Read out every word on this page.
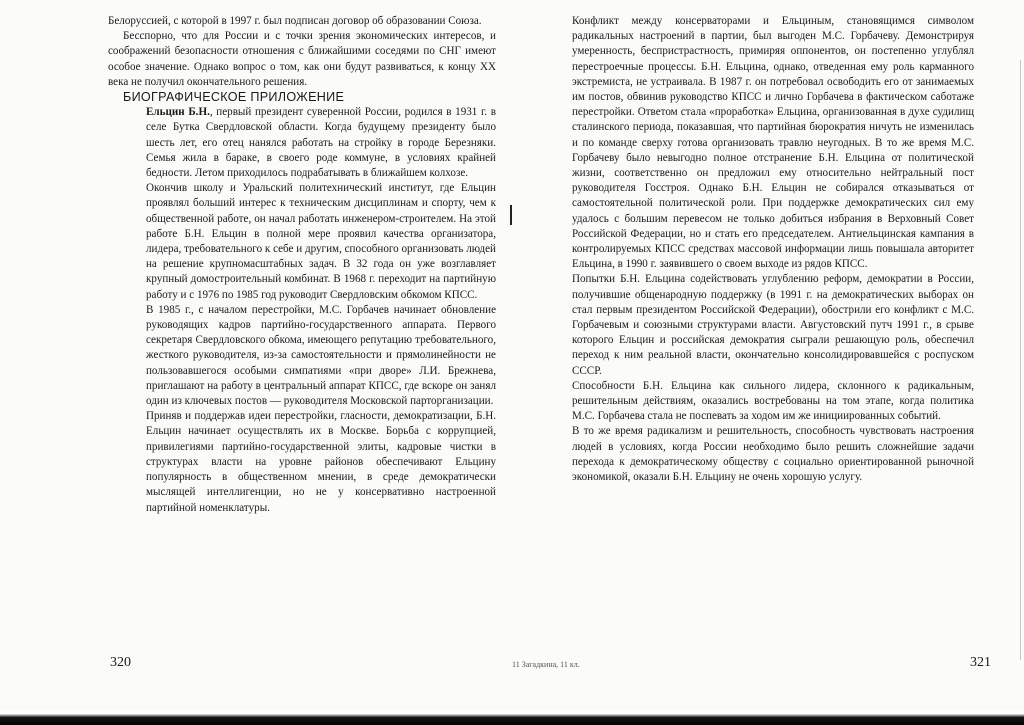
Белоруссией, с которой в 1997 г. был подписан договор об образовании Союза.

Бесспорно, что для России и с точки зрения экономических интересов, и соображений безопасности отношения с ближайшими соседями по СНГ имеют особое значение. Однако вопрос о том, как они будут развиваться, к концу XX века не получил окончательного решения.

БИОГРАФИЧЕСКОЕ ПРИЛОЖЕНИЕ

Ельцин Б.Н., первый президент суверенной России, родился в 1931 г. в селе Бутка Свердловской области. Когда будущему президенту было шесть лет, его отец нанялся работать на стройку в городе Березняки. Семья жила в бараке, в своего роде коммуне, в условиях крайней бедности. Летом приходилось подрабатывать в ближайшем колхозе.

Окончив школу и Уральский политехнический институт, где Ельцин проявлял больший интерес к техническим дисциплинам и спорту, чем к общественной работе, он начал работать инженером-строителем. На этой работе Б.Н. Ельцин в полной мере проявил качества организатора, лидера, требовательного к себе и другим, способного организовать людей на решение крупномасштабных задач. В 32 года он уже возглавляет крупный домостроительный комбинат. В 1968 г. переходит на партийную работу и с 1976 по 1985 год руководит Свердловским обкомом КПСС.

В 1985 г., с началом перестройки, М.С. Горбачев начинает обновление руководящих кадров партийно-государственного аппарата. Первого секретаря Свердловского обкома, имеющего репутацию требовательного, жесткого руководителя, из-за самостоятельности и прямолинейности не пользовавшегося особыми симпатиями «при дворе» Л.И. Брежнева, приглашают на работу в центральный аппарат КПСС, где вскоре он занял один из ключевых постов — руководителя Московской парторганизации.

Приняв и поддержав идеи перестройки, гласности, демократизации, Б.Н. Ельцин начинает осуществлять их в Москве. Борьба с коррупцией, привилегиями партийно-государственной элиты, кадровые чистки в структурах власти на уровне районов обеспечивают Ельцину популярность в общественном мнении, в среде демократически мыслящей интеллигенции, но не у консервативно настроенной партийной номенклатуры.

320

Конфликт между консерваторами и Ельциным, становящимся символом радикальных настроений в партии, был выгоден М.С. Горбачеву. Демонстрируя умеренность, беспристрастность, примиряя оппонентов, он постепенно углублял перестроечные процессы. Б.Н. Ельцина, однако, отведенная ему роль карманного экстремиста, не устраивала. В 1987 г. он потребовал освободить его от занимаемых им постов, обвинив руководство КПСС и лично Горбачева в фактическом саботаже перестройки. Ответом стала «проработка» Ельцина, организованная в духе судилищ сталинского периода, показавшая, что партийная бюрократия ничуть не изменилась и по команде сверху готова организовать травлю неугодных. В то же время М.С. Горбачеву было невыгодно полное отстранение Б.Н. Ельцина от политической жизни, соответственно он предложил ему относительно нейтральный пост руководителя Госстроя. Однако Б.Н. Ельцин не собирался отказываться от самостоятельной политической роли. При поддержке демократических сил ему удалось с большим перевесом не только добиться избрания в Верховный Совет Российской Федерации, но и стать его председателем. Антиельцинская кампания в контролируемых КПСС средствах массовой информации лишь повышала авторитет Ельцина, в 1990 г. заявившего о своем выходе из рядов КПСС.

Попытки Б.Н. Ельцина содействовать углублению реформ, демократии в России, получившие общенародную поддержку (в 1991 г. на демократических выборах он стал первым президентом Российской Федерации), обострили его конфликт с М.С. Горбачевым и союзными структурами власти. Августовский путч 1991 г., в срыве которого Ельцин и российская демократия сыграли решающую роль, обеспечил переход к ним реальной власти, окончательно консолидировавшейся с роспуском СССР.

Способности Б.Н. Ельцина как сильного лидера, склонного к радикальным, решительным действиям, оказались востребованы на том этапе, когда политика М.С. Горбачева стала не поспевать за ходом им же инициированных событий.

В то же время радикализм и решительность, способность чувствовать настроения людей в условиях, когда России необходимо было решить сложнейшие задачи перехода к демократическому обществу с социально ориентированной рыночной экономикой, оказали Б.Н. Ельцину не очень хорошую услугу.

11 Загадкина, 11 кл.	321
